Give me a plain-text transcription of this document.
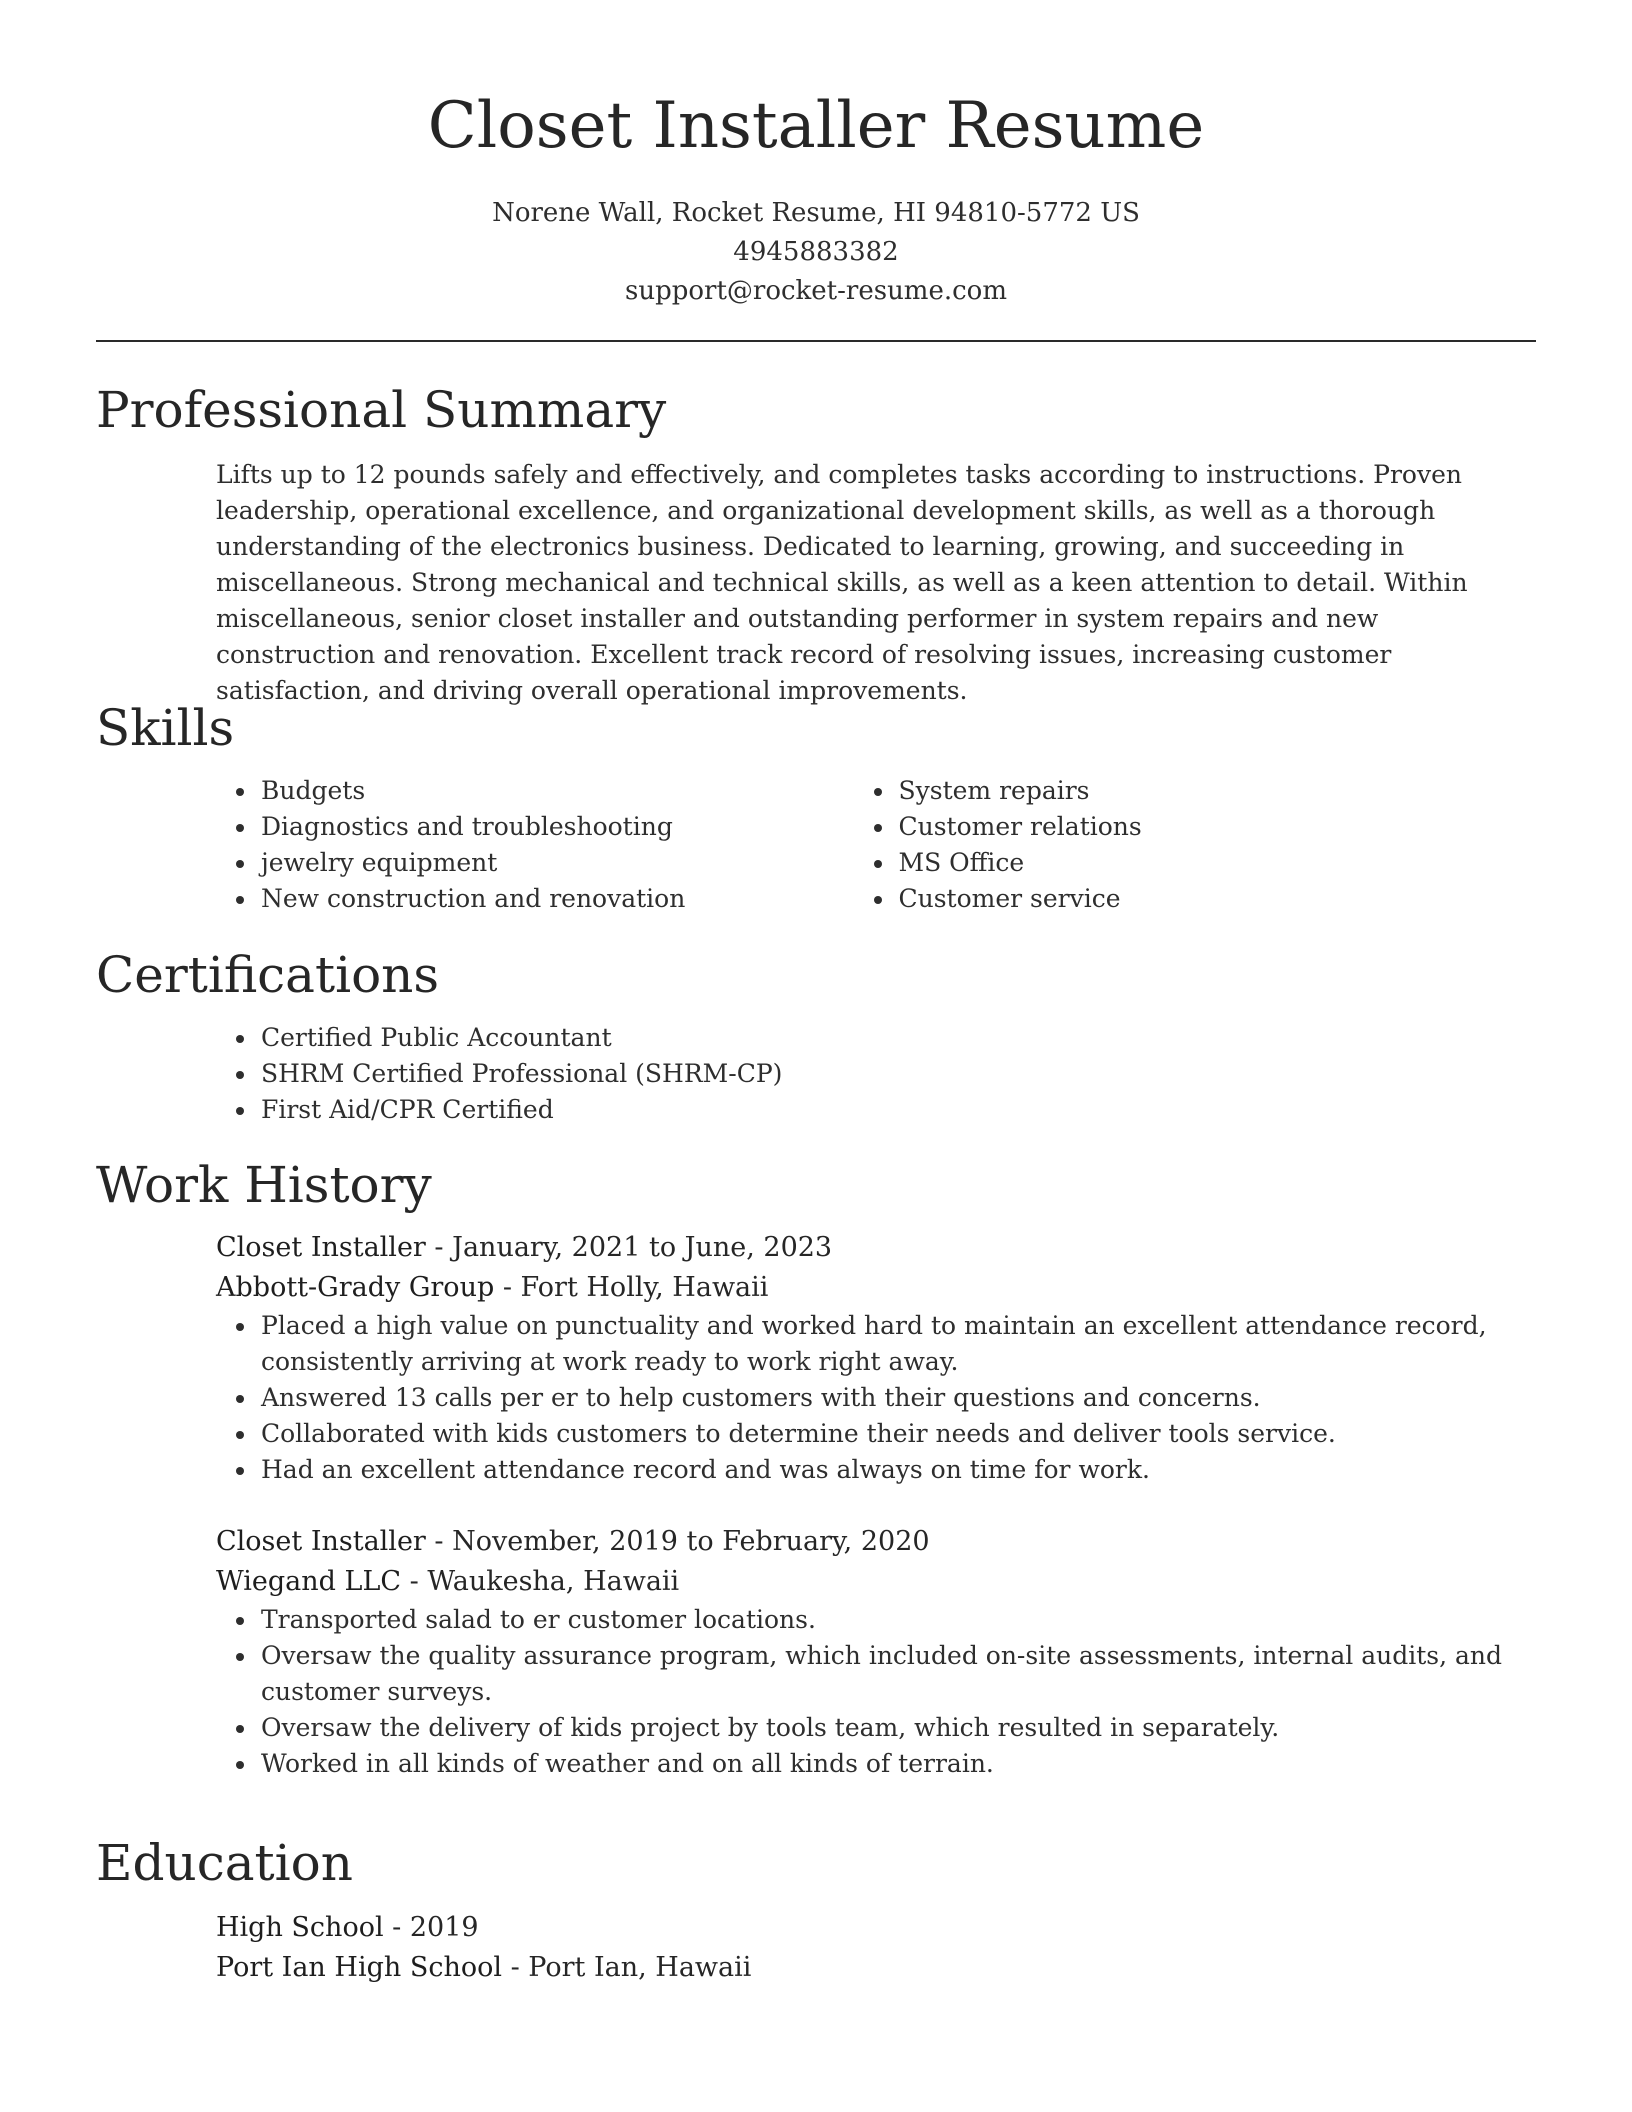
Closet Installer Resume
Norene Wall, Rocket Resume, HI 94810-5772 US
4945883382
support@rocket-resume.com
Professional Summary
Lifts up to 12 pounds safely and effectively, and completes tasks according to instructions. Proven leadership, operational excellence, and organizational development skills, as well as a thorough understanding of the electronics business. Dedicated to learning, growing, and succeeding in miscellaneous. Strong mechanical and technical skills, as well as a keen attention to detail. Within miscellaneous, senior closet installer and outstanding performer in system repairs and new construction and renovation. Excellent track record of resolving issues, increasing customer satisfaction, and driving overall operational improvements.
Skills
Budgets
Diagnostics and troubleshooting
jewelry equipment
New construction and renovation
System repairs
Customer relations
MS Office
Customer service
Certifications
Certified Public Accountant
SHRM Certified Professional (SHRM-CP)
First Aid/CPR Certified
Work History
Closet Installer - January, 2021 to June, 2023
Abbott-Grady Group - Fort Holly, Hawaii
Placed a high value on punctuality and worked hard to maintain an excellent attendance record, consistently arriving at work ready to work right away.
Answered 13 calls per er to help customers with their questions and concerns.
Collaborated with kids customers to determine their needs and deliver tools service.
Had an excellent attendance record and was always on time for work.
Closet Installer - November, 2019 to February, 2020
Wiegand LLC - Waukesha, Hawaii
Transported salad to er customer locations.
Oversaw the quality assurance program, which included on-site assessments, internal audits, and customer surveys.
Oversaw the delivery of kids project by tools team, which resulted in separately.
Worked in all kinds of weather and on all kinds of terrain.
Education
High School - 2019
Port Ian High School - Port Ian, Hawaii
